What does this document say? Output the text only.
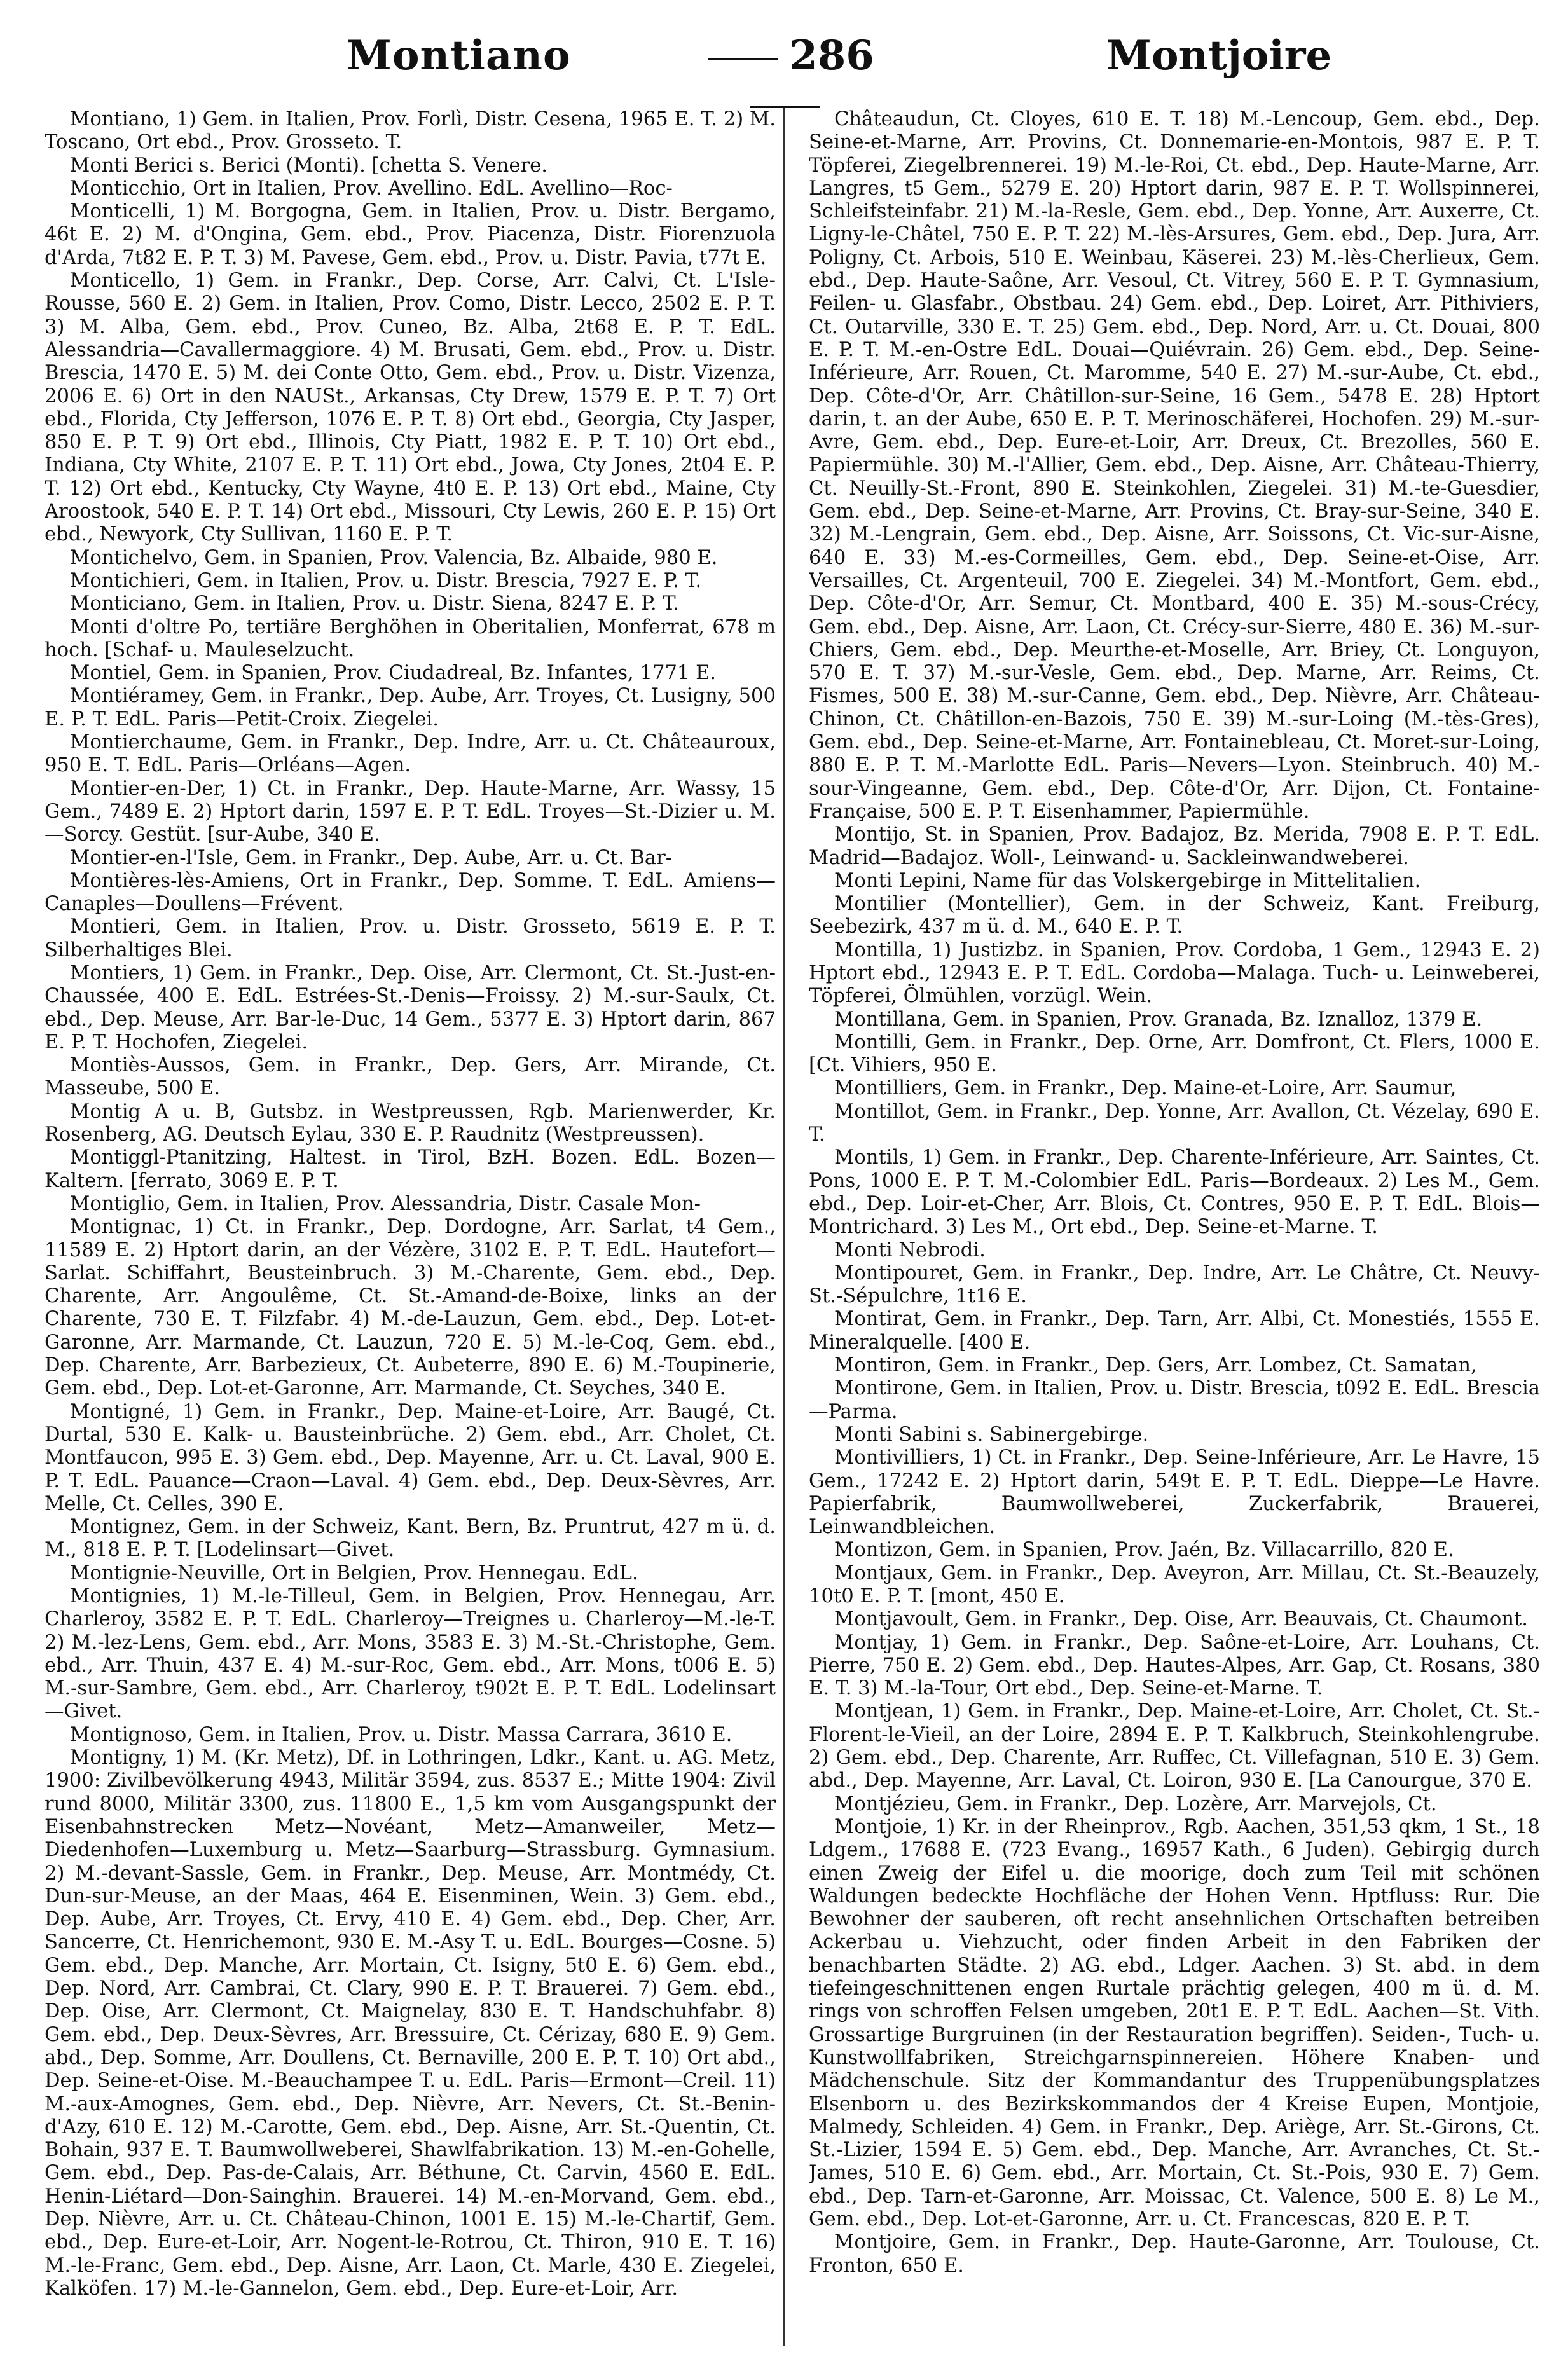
Montiano	286	Montjoire

Montiano, 1) Gem. in Italien, Prov. Forlì, Distr. Cesena, 1965 E. T. 2) M. Toscano, Ort ebd., Prov. Grosseto. T.

Monti Berici s. Berici (Monti). [chetta S. Venere.

Monticchio, Ort in Italien, Prov. Avellino. EdL. Avellino—Roc-

Monticelli, 1) M. Borgogna, Gem. in Italien, Prov. u. Distr. Bergamo, 46t E. 2) M. d'Ongina, Gem. ebd., Prov. Piacenza, Distr. Fiorenzuola d'Arda, 7t82 E. P. T. 3) M. Pavese, Gem. ebd., Prov. u. Distr. Pavia, t77t E.

Monticello, 1) Gem. in Frankr., Dep. Corse, Arr. Calvi, Ct. L'Isle-Rousse, 560 E. 2) Gem. in Italien, Prov. Como, Distr. Lecco, 2502 E. P. T. 3) M. Alba, Gem. ebd., Prov. Cuneo, Bz. Alba, 2t68 E. P. T. EdL. Alessandria—Cavallermaggiore. 4) M. Brusati, Gem. ebd., Prov. u. Distr. Brescia, 1470 E. 5) M. dei Conte Otto, Gem. ebd., Prov. u. Distr. Vizenza, 2006 E. 6) Ort in den NAUSt., Arkansas, Cty Drew, 1579 E. P. T. 7) Ort ebd., Florida, Cty Jefferson, 1076 E. P. T. 8) Ort ebd., Georgia, Cty Jasper, 850 E. P. T. 9) Ort ebd., Illinois, Cty Piatt, 1982 E. P. T. 10) Ort ebd., Indiana, Cty White, 2107 E. P. T. 11) Ort ebd., Jowa, Cty Jones, 2t04 E. P. T. 12) Ort ebd., Kentucky, Cty Wayne, 4t0 E. P. 13) Ort ebd., Maine, Cty Aroostook, 540 E. P. T. 14) Ort ebd., Missouri, Cty Lewis, 260 E. P. 15) Ort ebd., Newyork, Cty Sullivan, 1160 E. P. T.

Montichelvo, Gem. in Spanien, Prov. Valencia, Bz. Albaide, 980 E.

Montichieri, Gem. in Italien, Prov. u. Distr. Brescia, 7927 E. P. T.

Monticiano, Gem. in Italien, Prov. u. Distr. Siena, 8247 E. P. T.

Monti d'oltre Po, tertiäre Berghöhen in Oberitalien, Monferrat, 678 m hoch. [Schaf- u. Mauleselzucht.

Montiel, Gem. in Spanien, Prov. Ciudadreal, Bz. Infantes, 1771 E.

Montiéramey, Gem. in Frankr., Dep. Aube, Arr. Troyes, Ct. Lusigny, 500 E. P. T. EdL. Paris—Petit-Croix. Ziegelei.

Montierchaume, Gem. in Frankr., Dep. Indre, Arr. u. Ct. Châteauroux, 950 E. T. EdL. Paris—Orléans—Agen.

Montier-en-Der, 1) Ct. in Frankr., Dep. Haute-Marne, Arr. Wassy, 15 Gem., 7489 E. 2) Hptort darin, 1597 E. P. T. EdL. Troyes—St.-Dizier u. M.—Sorcy. Gestüt. [sur-Aube, 340 E.

Montier-en-l'Isle, Gem. in Frankr., Dep. Aube, Arr. u. Ct. Bar-

Montières-lès-Amiens, Ort in Frankr., Dep. Somme. T. EdL. Amiens—Canaples—Doullens—Frévent.

Montieri, Gem. in Italien, Prov. u. Distr. Grosseto, 5619 E. P. T. Silberhaltiges Blei.

Montiers, 1) Gem. in Frankr., Dep. Oise, Arr. Clermont, Ct. St.-Just-en-Chaussée, 400 E. EdL. Estrées-St.-Denis—Froissy. 2) M.-sur-Saulx, Ct. ebd., Dep. Meuse, Arr. Bar-le-Duc, 14 Gem., 5377 E. 3) Hptort darin, 867 E. P. T. Hochofen, Ziegelei.

Montiès-Aussos, Gem. in Frankr., Dep. Gers, Arr. Mirande, Ct. Masseube, 500 E.

Montig A u. B, Gutsbz. in Westpreussen, Rgb. Marienwerder, Kr. Rosenberg, AG. Deutsch Eylau, 330 E. P. Raudnitz (Westpreussen).

Montiggl-Ptanitzing, Haltest. in Tirol, BzH. Bozen. EdL. Bozen—Kaltern. [ferrato, 3069 E. P. T.

Montiglio, Gem. in Italien, Prov. Alessandria, Distr. Casale Mon-

Montignac, 1) Ct. in Frankr., Dep. Dordogne, Arr. Sarlat, t4 Gem., 11589 E. 2) Hptort darin, an der Vézère, 3102 E. P. T. EdL. Hautefort—Sarlat. Schiffahrt, Beusteinbruch. 3) M.-Charente, Gem. ebd., Dep. Charente, Arr. Angoulême, Ct. St.-Amand-de-Boixe, links an der Charente, 730 E. T. Filzfabr. 4) M.-de-Lauzun, Gem. ebd., Dep. Lot-et-Garonne, Arr. Marmande, Ct. Lauzun, 720 E. 5) M.-le-Coq, Gem. ebd., Dep. Charente, Arr. Barbezieux, Ct. Aubeterre, 890 E. 6) M.-Toupinerie, Gem. ebd., Dep. Lot-et-Garonne, Arr. Marmande, Ct. Seyches, 340 E.

Montigné, 1) Gem. in Frankr., Dep. Maine-et-Loire, Arr. Baugé, Ct. Durtal, 530 E. Kalk- u. Bausteinbrüche. 2) Gem. ebd., Arr. Cholet, Ct. Montfaucon, 995 E. 3) Gem. ebd., Dep. Mayenne, Arr. u. Ct. Laval, 900 E. P. T. EdL. Pauance—Craon—Laval. 4) Gem. ebd., Dep. Deux-Sèvres, Arr. Melle, Ct. Celles, 390 E.

Montignez, Gem. in der Schweiz, Kant. Bern, Bz. Pruntrut, 427 m ü. d. M., 818 E. P. T. [Lodelinsart—Givet.

Montignie-Neuville, Ort in Belgien, Prov. Hennegau. EdL.

Montignies, 1) M.-le-Tilleul, Gem. in Belgien, Prov. Hennegau, Arr. Charleroy, 3582 E. P. T. EdL. Charleroy—Treignes u. Charleroy—M.-le-T. 2) M.-lez-Lens, Gem. ebd., Arr. Mons, 3583 E. 3) M.-St.-Christophe, Gem. ebd., Arr. Thuin, 437 E. 4) M.-sur-Roc, Gem. ebd., Arr. Mons, t006 E. 5) M.-sur-Sambre, Gem. ebd., Arr. Charleroy, t902t E. P. T. EdL. Lodelinsart—Givet.

Montignoso, Gem. in Italien, Prov. u. Distr. Massa Carrara, 3610 E.

Montigny, 1) M. (Kr. Metz), Df. in Lothringen, Ldkr., Kant. u. AG. Metz, 1900: Zivilbevölkerung 4943, Militär 3594, zus. 8537 E.; Mitte 1904: Zivil rund 8000, Militär 3300, zus. 11800 E., 1,5 km vom Ausgangspunkt der Eisenbahnstrecken Metz—Novéant, Metz—Amanweiler, Metz—Diedenhofen—Luxemburg u. Metz—Saarburg—Strassburg. Gymnasium. 2) M.-devant-Sassle, Gem. in Frankr., Dep. Meuse, Arr. Montmédy, Ct. Dun-sur-Meuse, an der Maas, 464 E. Eisenminen, Wein. 3) Gem. ebd., Dep. Aube, Arr. Troyes, Ct. Ervy, 410 E. 4) Gem. ebd., Dep. Cher, Arr. Sancerre, Ct. Henrichemont, 930 E. M.-Asy T. u. EdL. Bourges—Cosne. 5) Gem. ebd., Dep. Manche, Arr. Mortain, Ct. Isigny, 5t0 E. 6) Gem. ebd., Dep. Nord, Arr. Cambrai, Ct. Clary, 990 E. P. T. Brauerei. 7) Gem. ebd., Dep. Oise, Arr. Clermont, Ct. Maignelay, 830 E. T. Handschuhfabr. 8) Gem. ebd., Dep. Deux-Sèvres, Arr. Bressuire, Ct. Cérizay, 680 E. 9) Gem. abd., Dep. Somme, Arr. Doullens, Ct. Bernaville, 200 E. P. T. 10) Ort abd., Dep. Seine-et-Oise. M.-Beauchampee T. u. EdL. Paris—Ermont—Creil. 11) M.-aux-Amognes, Gem. ebd., Dep. Nièvre, Arr. Nevers, Ct. St.-Benin-d'Azy, 610 E. 12) M.-Carotte, Gem. ebd., Dep. Aisne, Arr. St.-Quentin, Ct. Bohain, 937 E. T. Baumwollweberei, Shawlfabrikation. 13) M.-en-Gohelle, Gem. ebd., Dep. Pas-de-Calais, Arr. Béthune, Ct. Carvin, 4560 E. EdL. Henin-Liétard—Don-Sainghin. Brauerei. 14) M.-en-Morvand, Gem. ebd., Dep. Nièvre, Arr. u. Ct. Château-Chinon, 1001 E. 15) M.-le-Chartif, Gem. ebd., Dep. Eure-et-Loir, Arr. Nogent-le-Rotrou, Ct. Thiron, 910 E. T. 16) M.-le-Franc, Gem. ebd., Dep. Aisne, Arr. Laon, Ct. Marle, 430 E. Ziegelei, Kalköfen. 17) M.-le-Gannelon, Gem. ebd., Dep. Eure-et-Loir, Arr.

Châteaudun, Ct. Cloyes, 610 E. T. 18) M.-Lencoup, Gem. ebd., Dep. Seine-et-Marne, Arr. Provins, Ct. Donnemarie-en-Montois, 987 E. P. T. Töpferei, Ziegelbrennerei. 19) M.-le-Roi, Ct. ebd., Dep. Haute-Marne, Arr. Langres, t5 Gem., 5279 E. 20) Hptort darin, 987 E. P. T. Wollspinnerei, Schleifsteinfabr. 21) M.-la-Resle, Gem. ebd., Dep. Yonne, Arr. Auxerre, Ct. Ligny-le-Châtel, 750 E. P. T. 22) M.-lès-Arsures, Gem. ebd., Dep. Jura, Arr. Poligny, Ct. Arbois, 510 E. Weinbau, Käserei. 23) M.-lès-Cherlieux, Gem. ebd., Dep. Haute-Saône, Arr. Vesoul, Ct. Vitrey, 560 E. P. T. Gymnasium, Feilen- u. Glasfabr., Obstbau. 24) Gem. ebd., Dep. Loiret, Arr. Pithiviers, Ct. Outarville, 330 E. T. 25) Gem. ebd., Dep. Nord, Arr. u. Ct. Douai, 800 E. P. T. M.-en-Ostre EdL. Douai—Quiévrain. 26) Gem. ebd., Dep. Seine-Inférieure, Arr. Rouen, Ct. Maromme, 540 E. 27) M.-sur-Aube, Ct. ebd., Dep. Côte-d'Or, Arr. Châtillon-sur-Seine, 16 Gem., 5478 E. 28) Hptort darin, t. an der Aube, 650 E. P. T. Merinoschäferei, Hochofen. 29) M.-sur-Avre, Gem. ebd., Dep. Eure-et-Loir, Arr. Dreux, Ct. Brezolles, 560 E. Papiermühle. 30) M.-l'Allier, Gem. ebd., Dep. Aisne, Arr. Château-Thierry, Ct. Neuilly-St.-Front, 890 E. Steinkohlen, Ziegelei. 31) M.-te-Guesdier, Gem. ebd., Dep. Seine-et-Marne, Arr. Provins, Ct. Bray-sur-Seine, 340 E. 32) M.-Lengrain, Gem. ebd., Dep. Aisne, Arr. Soissons, Ct. Vic-sur-Aisne, 640 E. 33) M.-es-Cormeilles, Gem. ebd., Dep. Seine-et-Oise, Arr. Versailles, Ct. Argenteuil, 700 E. Ziegelei. 34) M.-Montfort, Gem. ebd., Dep. Côte-d'Or, Arr. Semur, Ct. Montbard, 400 E. 35) M.-sous-Crécy, Gem. ebd., Dep. Aisne, Arr. Laon, Ct. Crécy-sur-Sierre, 480 E. 36) M.-sur-Chiers, Gem. ebd., Dep. Meurthe-et-Moselle, Arr. Briey, Ct. Longuyon, 570 E. T. 37) M.-sur-Vesle, Gem. ebd., Dep. Marne, Arr. Reims, Ct. Fismes, 500 E. 38) M.-sur-Canne, Gem. ebd., Dep. Nièvre, Arr. Château-Chinon, Ct. Châtillon-en-Bazois, 750 E. 39) M.-sur-Loing (M.-tès-Gres), Gem. ebd., Dep. Seine-et-Marne, Arr. Fontainebleau, Ct. Moret-sur-Loing, 880 E. P. T. M.-Marlotte EdL. Paris—Nevers—Lyon. Steinbruch. 40) M.-sour-Vingeanne, Gem. ebd., Dep. Côte-d'Or, Arr. Dijon, Ct. Fontaine-Française, 500 E. P. T. Eisenhammer, Papiermühle.

Montijo, St. in Spanien, Prov. Badajoz, Bz. Merida, 7908 E. P. T. EdL. Madrid—Badajoz. Woll-, Leinwand- u. Sackleinwandweberei.

Monti Lepini, Name für das Volskergebirge in Mittelitalien.

Montilier (Montellier), Gem. in der Schweiz, Kant. Freiburg, Seebezirk, 437 m ü. d. M., 640 E. P. T.

Montilla, 1) Justizbz. in Spanien, Prov. Cordoba, 1 Gem., 12943 E. 2) Hptort ebd., 12943 E. P. T. EdL. Cordoba—Malaga. Tuch- u. Leinweberei, Töpferei, Ölmühlen, vorzügl. Wein.

Montillana, Gem. in Spanien, Prov. Granada, Bz. Iznalloz, 1379 E.

Montilli, Gem. in Frankr., Dep. Orne, Arr. Domfront, Ct. Flers, 1000 E. [Ct. Vihiers, 950 E.

Montilliers, Gem. in Frankr., Dep. Maine-et-Loire, Arr. Saumur,

Montillot, Gem. in Frankr., Dep. Yonne, Arr. Avallon, Ct. Vézelay, 690 E. T.

Montils, 1) Gem. in Frankr., Dep. Charente-Inférieure, Arr. Saintes, Ct. Pons, 1000 E. P. T. M.-Colombier EdL. Paris—Bordeaux. 2) Les M., Gem. ebd., Dep. Loir-et-Cher, Arr. Blois, Ct. Contres, 950 E. P. T. EdL. Blois—Montrichard. 3) Les M., Ort ebd., Dep. Seine-et-Marne. T.

Monti Nebrodi.

Montipouret, Gem. in Frankr., Dep. Indre, Arr. Le Châtre, Ct. Neuvy-St.-Sépulchre, 1t16 E.

Montirat, Gem. in Frankr., Dep. Tarn, Arr. Albi, Ct. Monestiés, 1555 E. Mineralquelle. [400 E.

Montiron, Gem. in Frankr., Dep. Gers, Arr. Lombez, Ct. Samatan,

Montirone, Gem. in Italien, Prov. u. Distr. Brescia, t092 E. EdL. Brescia—Parma.

Monti Sabini s. Sabinergebirge.

Montivilliers, 1) Ct. in Frankr., Dep. Seine-Inférieure, Arr. Le Havre, 15 Gem., 17242 E. 2) Hptort darin, 549t E. P. T. EdL. Dieppe—Le Havre. Papierfabrik, Baumwollweberei, Zuckerfabrik, Brauerei, Leinwandbleichen.

Montizon, Gem. in Spanien, Prov. Jaén, Bz. Villacarrillo, 820 E.

Montjaux, Gem. in Frankr., Dep. Aveyron, Arr. Millau, Ct. St.-Beauzely, 10t0 E. P. T. [mont, 450 E.

Montjavoult, Gem. in Frankr., Dep. Oise, Arr. Beauvais, Ct. Chaumont.

Montjay, 1) Gem. in Frankr., Dep. Saône-et-Loire, Arr. Louhans, Ct. Pierre, 750 E. 2) Gem. ebd., Dep. Hautes-Alpes, Arr. Gap, Ct. Rosans, 380 E. T. 3) M.-la-Tour, Ort ebd., Dep. Seine-et-Marne. T.

Montjean, 1) Gem. in Frankr., Dep. Maine-et-Loire, Arr. Cholet, Ct. St.-Florent-le-Vieil, an der Loire, 2894 E. P. T. Kalkbruch, Steinkohlengrube. 2) Gem. ebd., Dep. Charente, Arr. Ruffec, Ct. Villefagnan, 510 E. 3) Gem. abd., Dep. Mayenne, Arr. Laval, Ct. Loiron, 930 E. [La Canourgue, 370 E.

Montjézieu, Gem. in Frankr., Dep. Lozère, Arr. Marvejols, Ct.

Montjoie, 1) Kr. in der Rheinprov., Rgb. Aachen, 351,53 qkm, 1 St., 18 Ldgem., 17688 E. (723 Evang., 16957 Kath., 6 Juden). Gebirgig durch einen Zweig der Eifel u. die moorige, doch zum Teil mit schönen Waldungen bedeckte Hochfläche der Hohen Venn. Hptfluss: Rur. Die Bewohner der sauberen, oft recht ansehnlichen Ortschaften betreiben Ackerbau u. Viehzucht, oder finden Arbeit in den Fabriken der benachbarten Städte. 2) AG. ebd., Ldger. Aachen. 3) St. abd. in dem tiefeingeschnittenen engen Rurtale prächtig gelegen, 400 m ü. d. M. rings von schroffen Felsen umgeben, 20t1 E. P. T. EdL. Aachen—St. Vith. Grossartige Burgruinen (in der Restauration begriffen). Seiden-, Tuch- u. Kunstwollfabriken, Streichgarnspinnereien. Höhere Knaben- und Mädchenschule. Sitz der Kommandantur des Truppenübungsplatzes Elsenborn u. des Bezirkskommandos der 4 Kreise Eupen, Montjoie, Malmedy, Schleiden. 4) Gem. in Frankr., Dep. Ariège, Arr. St.-Girons, Ct. St.-Lizier, 1594 E. 5) Gem. ebd., Dep. Manche, Arr. Avranches, Ct. St.-James, 510 E. 6) Gem. ebd., Arr. Mortain, Ct. St.-Pois, 930 E. 7) Gem. ebd., Dep. Tarn-et-Garonne, Arr. Moissac, Ct. Valence, 500 E. 8) Le M., Gem. ebd., Dep. Lot-et-Garonne, Arr. u. Ct. Francescas, 820 E. P. T.

Montjoire, Gem. in Frankr., Dep. Haute-Garonne, Arr. Toulouse, Ct. Fronton, 650 E.
